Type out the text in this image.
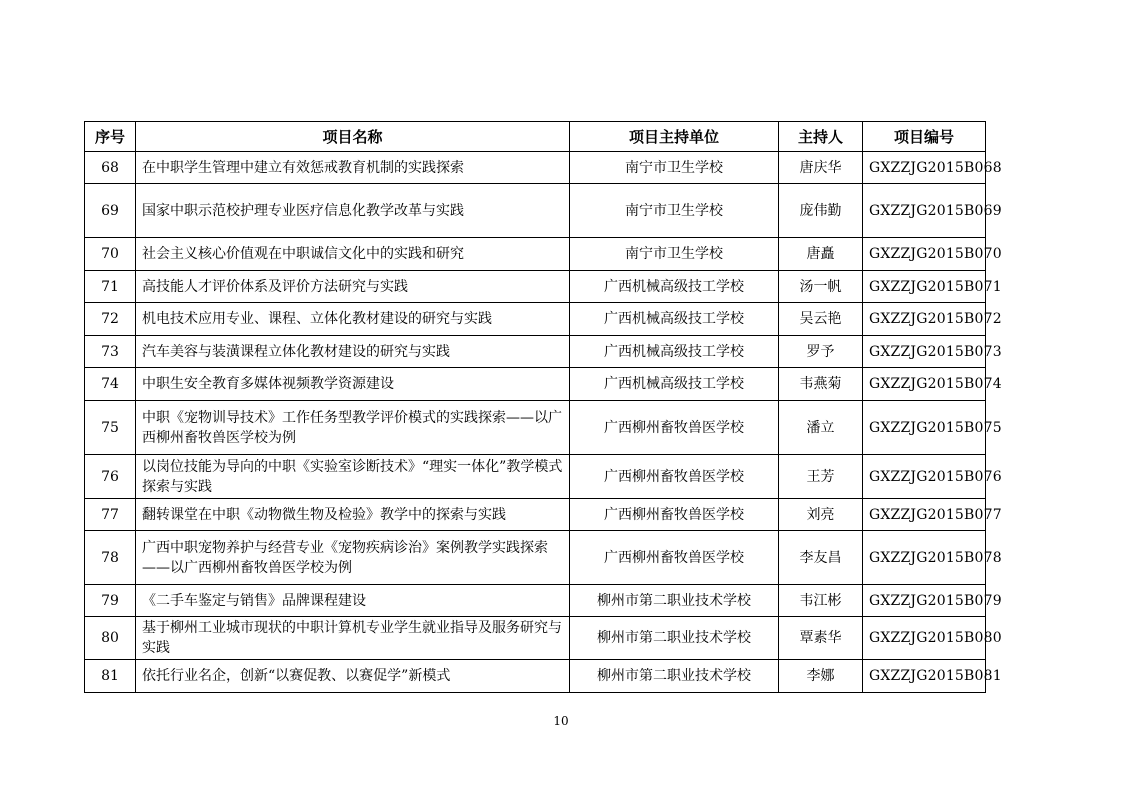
序号	项目名称	项目主持单位	主持人	项目编号
68	在中职学生管理中建立有效惩戒教育机制的实践探索	南宁市卫生学校	唐庆华	GXZZJG2015B068
69	国家中职示范校护理专业医疗信息化教学改革与实践	南宁市卫生学校	庞伟勤	GXZZJG2015B069
70	社会主义核心价值观在中职诚信文化中的实践和研究	南宁市卫生学校	唐矗	GXZZJG2015B070
71	高技能人才评价体系及评价方法研究与实践	广西机械高级技工学校	汤一帆	GXZZJG2015B071
72	机电技术应用专业、课程、立体化教材建设的研究与实践	广西机械高级技工学校	吴云艳	GXZZJG2015B072
73	汽车美容与装潢课程立体化教材建设的研究与实践	广西机械高级技工学校	罗予	GXZZJG2015B073
74	中职生安全教育多媒体视频教学资源建设	广西机械高级技工学校	韦燕菊	GXZZJG2015B074
75	中职《宠物训导技术》工作任务型教学评价模式的实践探索——以广西柳州畜牧兽医学校为例	广西柳州畜牧兽医学校	潘立	GXZZJG2015B075
76	以岗位技能为导向的中职《实验室诊断技术》“理实一体化”教学模式探索与实践	广西柳州畜牧兽医学校	王芳	GXZZJG2015B076
77	翻转课堂在中职《动物微生物及检验》教学中的探索与实践	广西柳州畜牧兽医学校	刘亮	GXZZJG2015B077
78	广西中职宠物养护与经营专业《宠物疾病诊治》案例教学实践探索——以广西柳州畜牧兽医学校为例	广西柳州畜牧兽医学校	李友昌	GXZZJG2015B078
79	《二手车鉴定与销售》品牌课程建设	柳州市第二职业技术学校	韦江彬	GXZZJG2015B079
80	基于柳州工业城市现状的中职计算机专业学生就业指导及服务研究与实践	柳州市第二职业技术学校	覃素华	GXZZJG2015B080
81	依托行业名企，创新“以赛促教、以赛促学”新模式	柳州市第二职业技术学校	李娜	GXZZJG2015B081
10
